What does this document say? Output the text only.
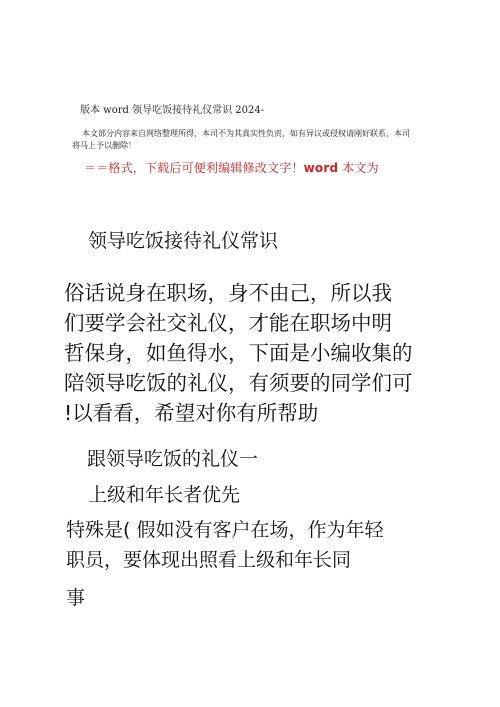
版本 word 领导吃饭接待礼仪常识 2024-
本文部分内容来自网络整理所得，本司不为其真实性负责，如有异议或侵权请刚好联系，本司
将马上予以删除！
＝＝格式，下载后可便利编辑修改文字！word 本文为
领导吃饭接待礼仪常识
俗话说身在职场，身不由己，所以我
们要学会社交礼仪，才能在职场中明
哲保身，如鱼得水，下面是小编收集的
陪领导吃饭的礼仪，有须要的同学们可
!以看看，希望对你有所帮助
跟领导吃饭的礼仪一
上级和年长者优先
特殊是( 假如没有客户在场，作为年轻
职员，要体现出照看上级和年长同
事
